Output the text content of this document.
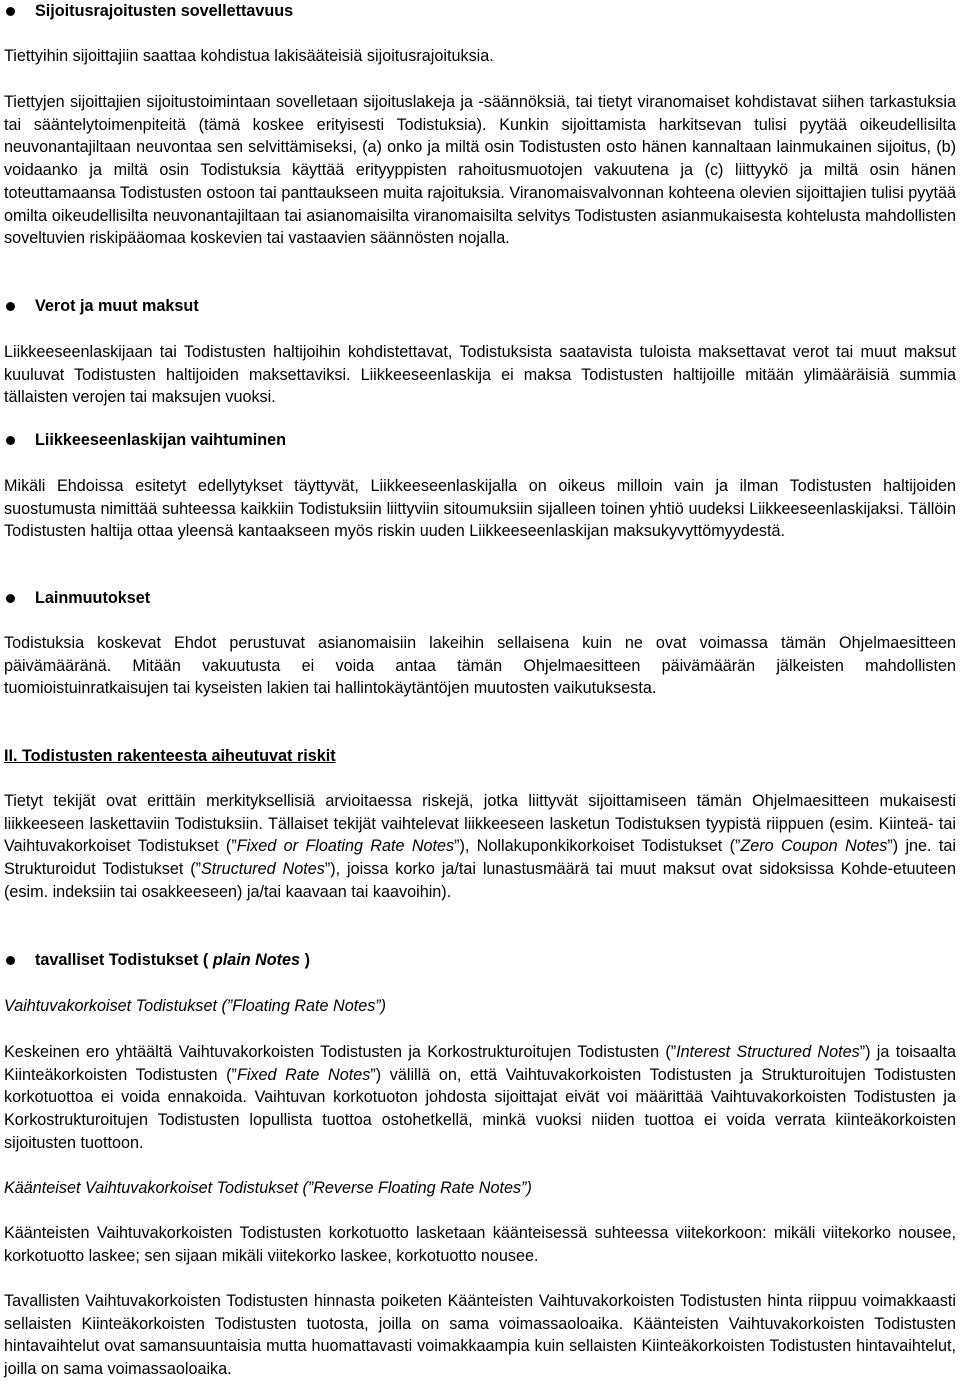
Sijoitusrajoitusten sovellettavuus

Tiettyihin sijoittajiin saattaa kohdistua lakisääteisiä sijoitusrajoituksia.

Tiettyjen sijoittajien sijoitustoimintaan sovelletaan sijoituslakeja ja -säännöksiä, tai tietyt viranomaiset kohdistavat siihen tarkastuksia tai sääntelytoimenpiteitä (tämä koskee erityisesti Todistuksia). Kunkin sijoittamista harkitsevan tulisi pyytää oikeudellisilta neuvonantajiltaan neuvontaa sen selvittämiseksi, (a) onko ja miltä osin Todistusten osto hänen kannaltaan lainmukainen sijoitus, (b) voidaanko ja miltä osin Todistuksia käyttää erityyppisten rahoitusmuotojen vakuutena ja (c) liittyykö ja miltä osin hänen toteuttamaansa Todistusten ostoon tai panttaukseen muita rajoituksia. Viranomaisvalvonnan kohteena olevien sijoittajien tulisi pyytää omilta oikeudellisilta neuvonantajiltaan tai asianomaisilta viranomaisilta selvitys Todistusten asianmukaisesta kohtelusta mahdollisten soveltuvien riskipääomaa koskevien tai vastaavien säännösten nojalla.

Verot ja muut maksut

Liikkeeseenlaskijaan tai Todistusten haltijoihin kohdistettavat, Todistuksista saatavista tuloista maksettavat verot tai muut maksut kuuluvat Todistusten haltijoiden maksettaviksi. Liikkeeseenlaskija ei maksa Todistusten haltijoille mitään ylimääräisiä summia tällaisten verojen tai maksujen vuoksi.

Liikkeeseenlaskijan vaihtuminen

Mikäli Ehdoissa esitetyt edellytykset täyttyvät, Liikkeeseenlaskijalla on oikeus milloin vain ja ilman Todistusten haltijoiden suostumusta nimittää suhteessa kaikkiin Todistuksiin liittyviin sitoumuksiin sijalleen toinen yhtiö uudeksi Liikkeeseenlaskijaksi. Tällöin Todistusten haltija ottaa yleensä kantaakseen myös riskin uuden Liikkeeseenlaskijan maksukyvyttömyydestä.

Lainmuutokset

Todistuksia koskevat Ehdot perustuvat asianomaisiin lakeihin sellaisena kuin ne ovat voimassa tämän Ohjelmaesitteen päivämääränä. Mitään vakuutusta ei voida antaa tämän Ohjelmaesitteen päivämäärän jälkeisten mahdollisten tuomioistuinratkaisujen tai kyseisten lakien tai hallintokäytäntöjen muutosten vaikutuksesta.

II. Todistusten rakenteesta aiheutuvat riskit

Tietyt tekijät ovat erittäin merkityksellisiä arvioitaessa riskejä, jotka liittyvät sijoittamiseen tämän Ohjelmaesitteen mukaisesti liikkeeseen laskettaviin Todistuksiin. Tällaiset tekijät vaihtelevat liikkeeseen lasketun Todistuksen tyypistä riippuen (esim. Kiinteä- tai Vaihtuvakorkoiset Todistukset (”Fixed or Floating Rate Notes”), Nollakuponkikorkoiset Todistukset (”Zero Coupon Notes”) jne. tai Strukturoidut Todistukset (”Structured Notes”), joissa korko ja/tai lunastusmäärä tai muut maksut ovat sidoksissa Kohde-etuuteen (esim. indeksiin tai osakkeeseen) ja/tai kaavaan tai kaavoihin).

tavalliset Todistukset ( plain Notes )
Vaihtuvakorkoiset Todistukset (”Floating Rate Notes”)

Keskeinen ero yhtäältä Vaihtuvakorkoisten Todistusten ja Korkostrukturoitujen Todistusten (”Interest Structured Notes”) ja toisaalta Kiinteäkorkoisten Todistusten (”Fixed Rate Notes”) välillä on, että Vaihtuvakorkoisten Todistusten ja Strukturoitujen Todistusten korkotuottoa ei voida ennakoida. Vaihtuvan korkotuoton johdosta sijoittajat eivät voi määrittää Vaihtuvakorkoisten Todistusten ja Korkostrukturoitujen Todistusten lopullista tuottoa ostohetkellä, minkä vuoksi niiden tuottoa ei voida verrata kiinteäkorkoisten sijoitusten tuottoon.

Käänteiset Vaihtuvakorkoiset Todistukset (”Reverse Floating Rate Notes”)

Käänteisten Vaihtuvakorkoisten Todistusten korkotuotto lasketaan käänteisessä suhteessa viitekorkoon: mikäli viitekorko nousee, korkotuotto laskee; sen sijaan mikäli viitekorko laskee, korkotuotto nousee.

Tavallisten Vaihtuvakorkoisten Todistusten hinnasta poiketen Käänteisten Vaihtuvakorkoisten Todistusten hinta riippuu voimakkaasti sellaisten Kiinteäkorkoisten Todistusten tuotosta, joilla on sama voimassaoloaika. Käänteisten Vaihtuvakorkoisten Todistusten hintavaihtelut ovat samansuuntaisia mutta huomattavasti voimakkaampia kuin sellaisten Kiinteäkorkoisten Todistusten hintavaihtelut, joilla on sama voimassaoloaika.
